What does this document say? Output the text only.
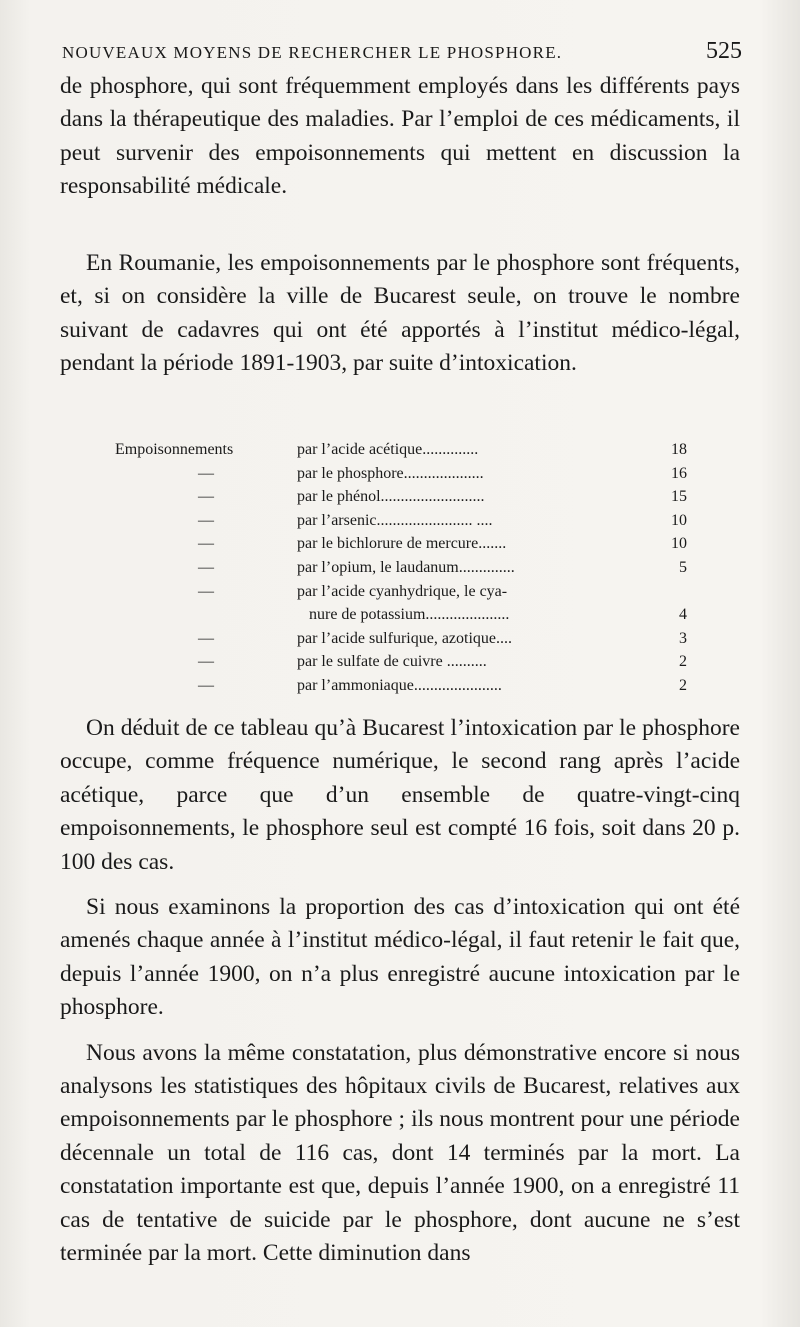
NOUVEAUX MOYENS DE RECHERCHER LE PHOSPHORE.	525

de phosphore, qui sont fréquemment employés dans les différents pays dans la thérapeutique des maladies. Par l’emploi de ces médicaments, il peut survenir des empoisonnements qui mettent en discussion la responsabilité médicale.

En Roumanie, les empoisonnements par le phosphore sont fréquents, et, si on considère la ville de Bucarest seule, on trouve le nombre suivant de cadavres qui ont été apportés à l’institut médico-légal, pendant la période 1891-1903, par suite d’intoxication.

Empoisonnements	par l’acide acétique..............	18
—	par le phosphore....................	16
—	par le phénol..........................	15
—	par l’arsenic........................ ....	10
—	par le bichlorure de mercure.......	10
—	par l’opium, le laudanum..............	5
—	par l’acide cyanhydrique, le cya-
nure de potassium.....................	4
—	par l’acide sulfurique, azotique....	3
—	par le sulfate de cuivre ..........	2
—	par l’ammoniaque......................	2

On déduit de ce tableau qu’à Bucarest l’intoxication par le phosphore occupe, comme fréquence numérique, le second rang après l’acide acétique, parce que d’un ensemble de quatre-vingt-cinq empoisonnements, le phosphore seul est compté 16 fois, soit dans 20 p. 100 des cas.

Si nous examinons la proportion des cas d’intoxication qui ont été amenés chaque année à l’institut médico-légal, il faut retenir le fait que, depuis l’année 1900, on n’a plus enregistré aucune intoxication par le phosphore.

Nous avons la même constatation, plus démonstrative encore si nous analysons les statistiques des hôpitaux civils de Bucarest, relatives aux empoisonnements par le phosphore ; ils nous montrent pour une période décennale un total de 116 cas, dont 14 terminés par la mort. La constatation importante est que, depuis l’année 1900, on a enregistré 11 cas de tentative de suicide par le phosphore, dont aucune ne s’est terminée par la mort. Cette diminution dans
